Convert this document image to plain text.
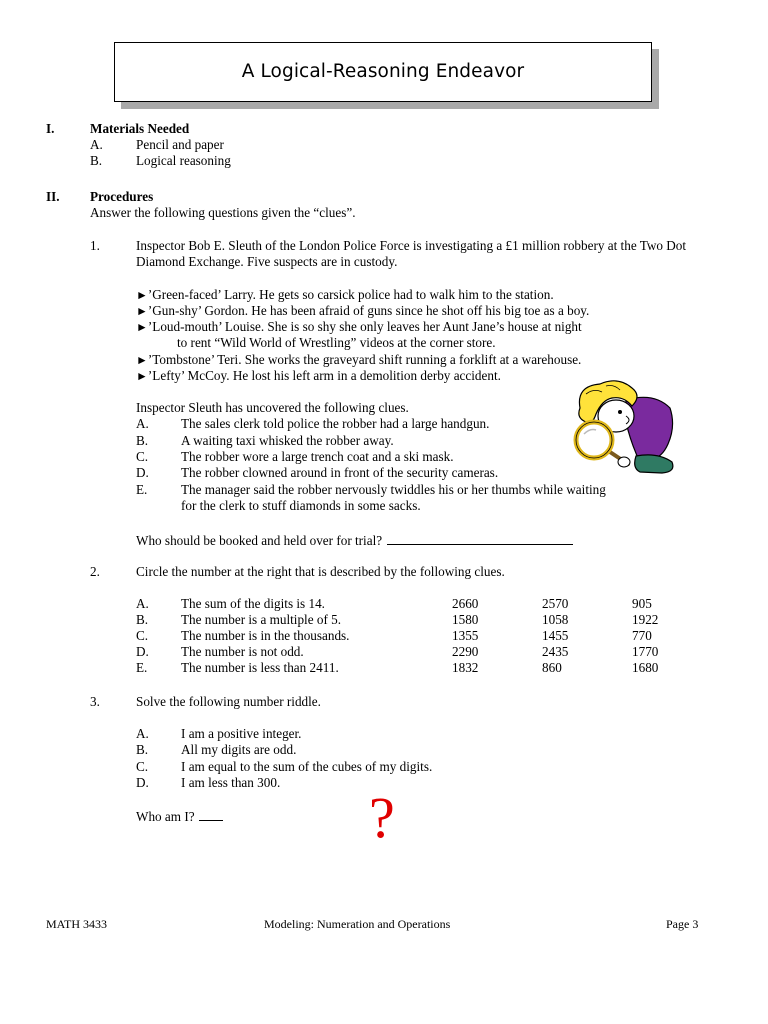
A Logical-Reasoning Endeavor
I.	Materials Needed
A.	Pencil and paper
B.	Logical reasoning
II. Procedures
Answer the following questions given the “clues”.
1.	Inspector Bob E. Sleuth of the London Police Force is investigating a £1 million robbery at the Two Dot
Diamond Exchange. Five suspects are in custody.
►’Green-faced’ Larry. He gets so carsick police had to walk him to the station.
►’Gun-shy’ Gordon. He has been afraid of guns since he shot off his big toe as a boy.
►’Loud-mouth’ Louise. She is so shy she only leaves her Aunt Jane’s house at night
to rent “Wild World of Wrestling” videos at the corner store.
►’Tombstone’ Teri. She works the graveyard shift running a forklift at a warehouse.
►’Lefty’ McCoy. He lost his left arm in a demolition derby accident.
Inspector Sleuth has uncovered the following clues.
A. The sales clerk told police the robber had a large handgun.
B. A waiting taxi whisked the robber away.
C. The robber wore a large trench coat and a ski mask.
D. The robber clowned around in front of the security cameras.
E.	The manager said the robber nervously twiddles his or her thumbs while waiting
for the clerk to stuff diamonds in some sacks.
Who should be booked and held over for trial?
2.	Circle the number at the right that is described by the following clues.
A. The sum of the digits is 14.	2660	2570	905
B. The number is a multiple of 5.	1580	1058	1922
C. The number is in the thousands.	1355	1455	770
D. The number is not odd.	2290	2435	1770
E.	The number is less than 2411.	1832	860	1680
3.	Solve the following number riddle.
A. I am a positive integer.
B. All my digits are odd.
C. I am equal to the sum of the cubes of my digits.
D. I am less than 300.
Who am I?	?
MATH 3433	Modeling: Numeration and Operations	Page 3
